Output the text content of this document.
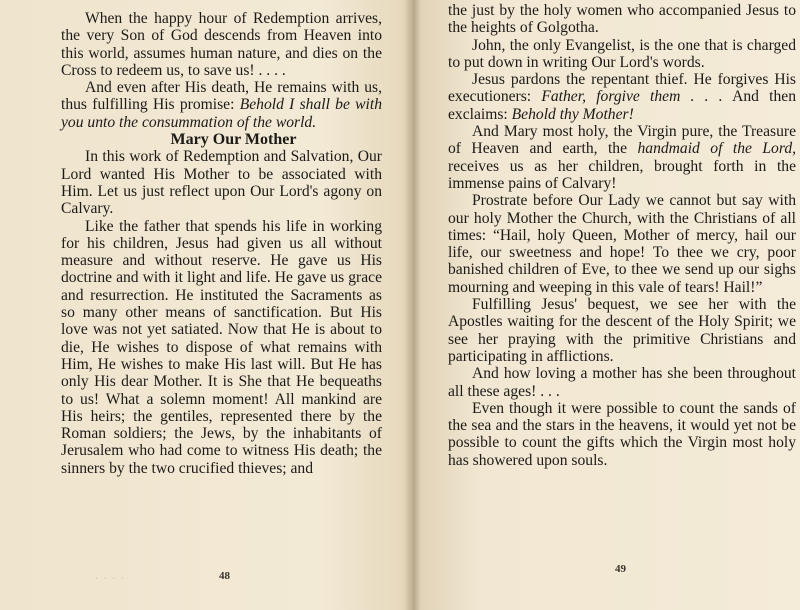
When the happy hour of Redemption arrives, the very Son of God descends from Heaven into this world, assumes human nature, and dies on the Cross to redeem us, to save us! . . . .

And even after His death, He remains with us, thus fulfilling His promise: Behold I shall be with you unto the consummation of the world.

Mary Our Mother

In this work of Redemption and Salvation, Our Lord wanted His Mother to be associated with Him. Let us just reflect upon Our Lord's agony on Calvary.

Like the father that spends his life in working for his children, Jesus had given us all without measure and without reserve. He gave us His doctrine and with it light and life. He gave us grace and resurrection. He instituted the Sacraments as so many other means of sanctification. But His love was not yet satiated. Now that He is about to die, He wishes to dispose of what remains with Him, He wishes to make His last will. But He has only His dear Mother. It is She that He bequeaths to us! What a solemn moment! All mankind are His heirs; the gentiles, represented there by the Roman soldiers; the Jews, by the inhabitants of Jerusalem who had come to witness His death; the sinners by the two crucified thieves; and

· · · ·	48

the just by the holy women who accompanied Jesus to the heights of Golgotha.

John, the only Evangelist, is the one that is charged to put down in writing Our Lord's words.

Jesus pardons the repentant thief. He forgives His executioners: Father, forgive them . . . And then exclaims: Behold thy Mother!

And Mary most holy, the Virgin pure, the Treasure of Heaven and earth, the handmaid of the Lord, receives us as her children, brought forth in the immense pains of Calvary!

Prostrate before Our Lady we cannot but say with our holy Mother the Church, with the Christians of all times: “Hail, holy Queen, Mother of mercy, hail our life, our sweetness and hope! To thee we cry, poor banished children of Eve, to thee we send up our sighs mourning and weeping in this vale of tears! Hail!”

Fulfilling Jesus' bequest, we see her with the Apostles waiting for the descent of the Holy Spirit; we see her praying with the primitive Christians and participating in afflictions.

And how loving a mother has she been throughout all these ages! . . .

Even though it were possible to count the sands of the sea and the stars in the heavens, it would yet not be possible to count the gifts which the Virgin most holy has showered upon souls.

49
